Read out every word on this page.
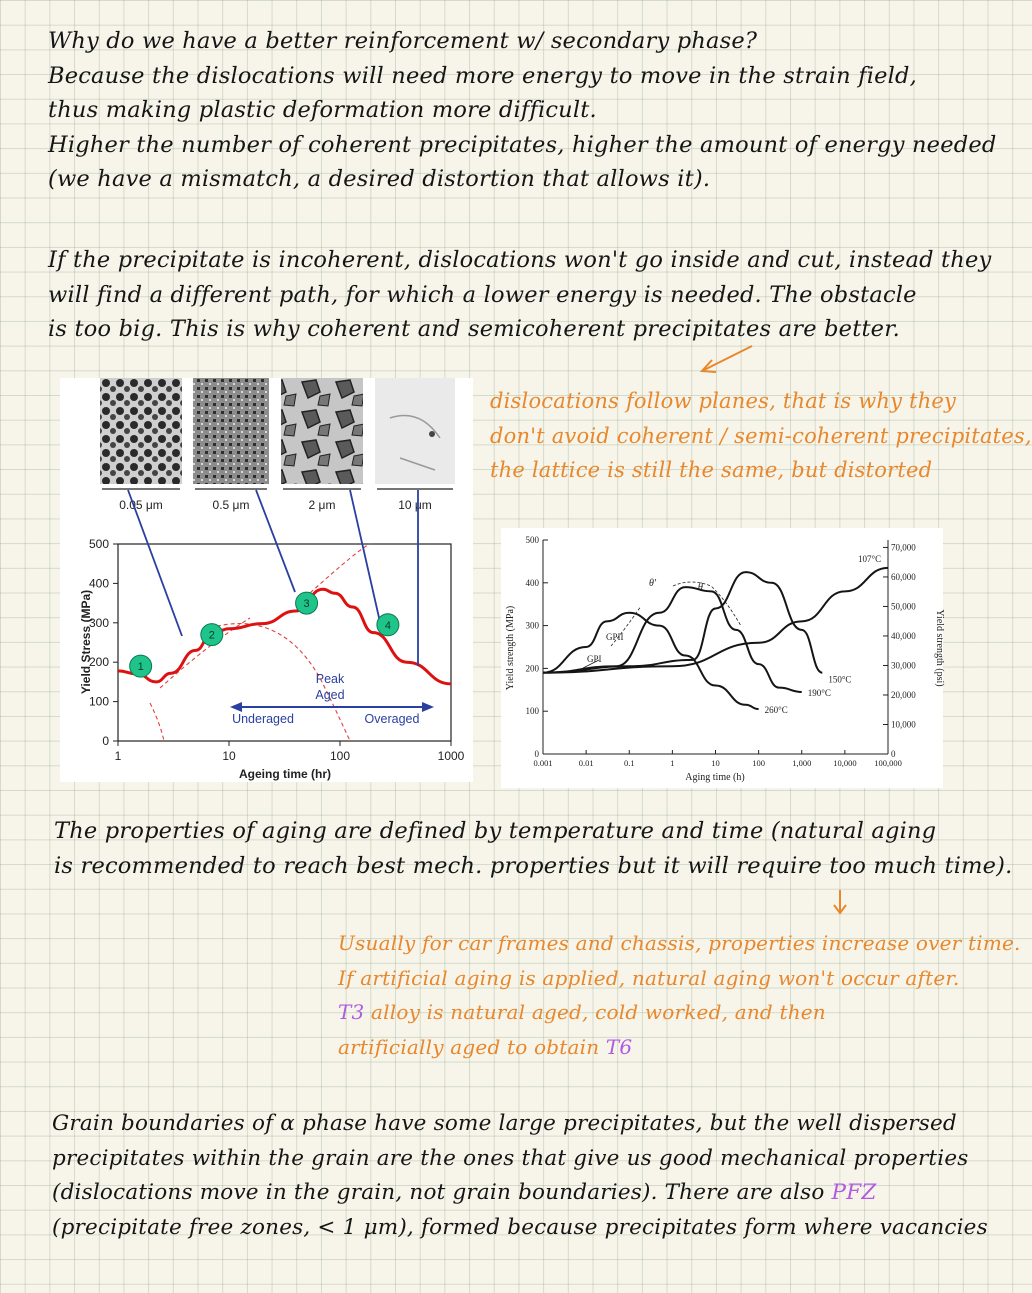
Why do we have a better reinforcement w/ secondary phase?
Because the dislocations will need more energy to move in the strain field,
thus making plastic deformation more difficult.
Higher the number of coherent precipitates, higher the amount of energy needed
(we have a mismatch, a desired distortion that allows it).
If the precipitate is incoherent, dislocations won't go inside and cut, instead they
will find a different path, for which a lower energy is needed. The obstacle
is too big. This is why coherent and semicoherent precipitates are better.
dislocations follow planes, that is why they
don't avoid coherent / semi-coherent precipitates,
the lattice is still the same, but distorted
0.05 μm	0.5 μm	2 μm	10 μm
0
100
200
300
400
500
1	10	100	1000
Yield Stress (MPa)
Ageing time (hr)
1
2
3
4
Peak
Aged
Underaged	Overaged
0
100
200
300
400
500
0
10,000
20,000
30,000
40,000
50,000
60,000
70,000
0.001	0.01	0.1	1	10	100	1,000	10,000 100,000
Yield strength (MPa)	Yield strength (psi)
Aging time (h)
260°C
190°C
150°C
107°C
GPI
GPII
θ′	θ
The properties of aging are defined by temperature and time (natural aging
is recommended to reach best mech. properties but it will require too much time).
Usually for car frames and chassis, properties increase over time.
If artificial aging is applied, natural aging won't occur after.
T3 alloy is natural aged, cold worked, and then
artificially aged to obtain T6
Grain boundaries of α phase have some large precipitates, but the well dispersed
precipitates within the grain are the ones that give us good mechanical properties
(dislocations move in the grain, not grain boundaries). There are also PFZ
(precipitate free zones, < 1 μm), formed because precipitates form where vacancies
